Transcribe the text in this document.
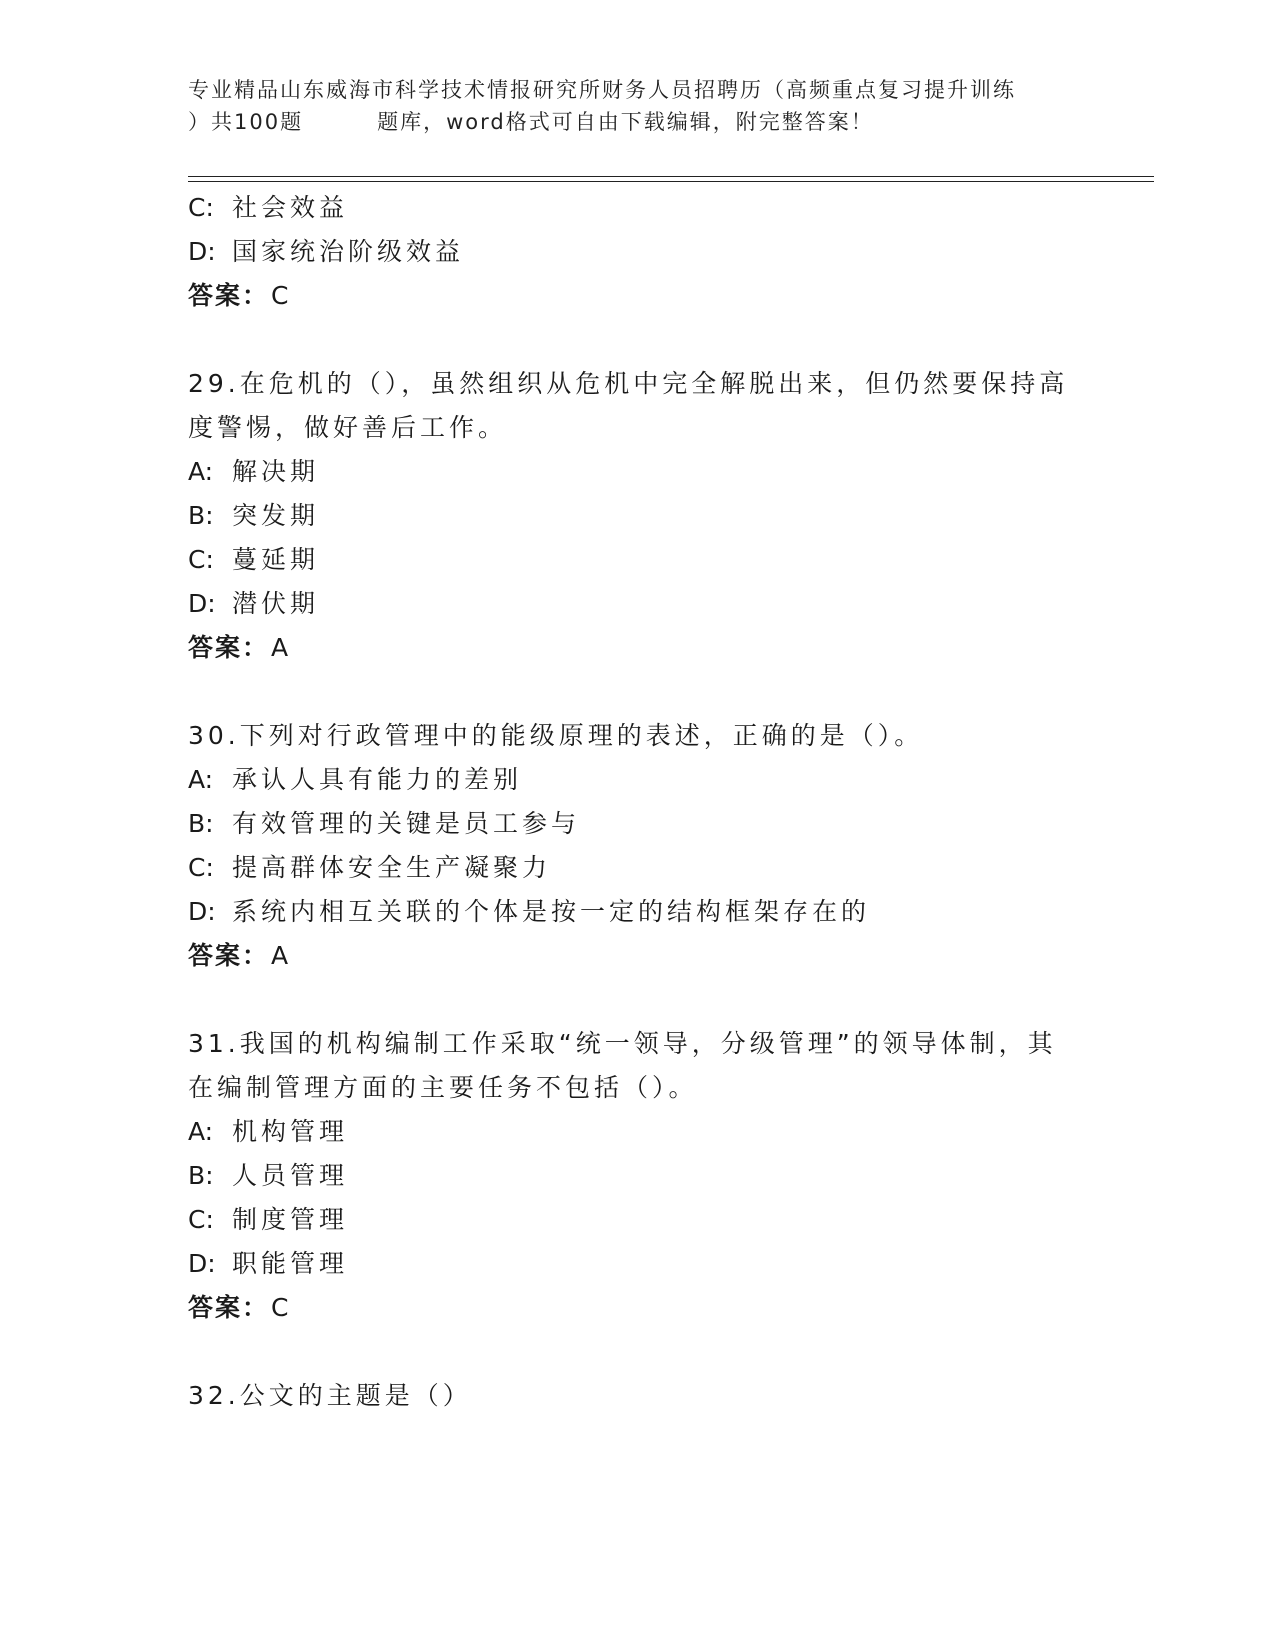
专业精品山东威海市科学技术情报研究所财务人员招聘历（高频重点复习提升训练
）共100题	题库，word格式可自由下载编辑，附完整答案！
C: 社会效益
D: 国家统治阶级效益
答案：C
29.在危机的（），虽然组织从危机中完全解脱出来，但仍然要保持高
度警惕，做好善后工作。
A: 解决期
B: 突发期
C: 蔓延期
D: 潜伏期
答案：A
30.下列对行政管理中的能级原理的表述，正确的是（）。
A: 承认人具有能力的差别
B: 有效管理的关键是员工参与
C: 提高群体安全生产凝聚力
D: 系统内相互关联的个体是按一定的结构框架存在的
答案：A
31.我国的机构编制工作采取“统一领导，分级管理”的领导体制，其
在编制管理方面的主要任务不包括（）。
A: 机构管理
B: 人员管理
C: 制度管理
D: 职能管理
答案：C
32.公文的主题是（）
